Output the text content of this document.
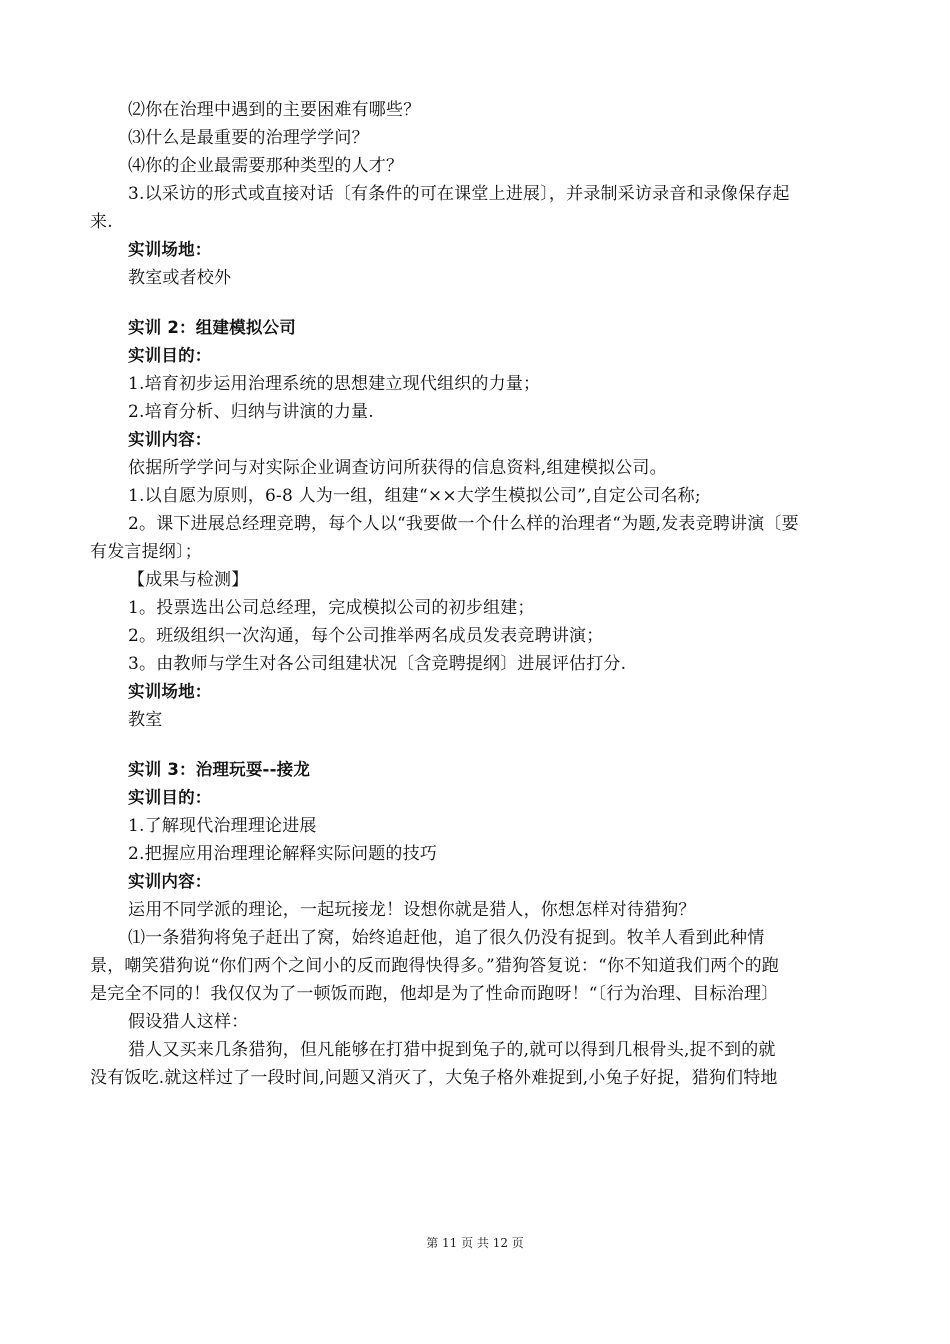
⑵你在治理中遇到的主要困难有哪些？
⑶什么是最重要的治理学学问？
⑷你的企业最需要那种类型的人才？
3.以采访的形式或直接对话〔有条件的可在课堂上进展〕，并录制采访录音和录像保存起
来.
实训场地：
教室或者校外
实训 2：组建模拟公司
实训目的：
1.培育初步运用治理系统的思想建立现代组织的力量；
2.培育分析、归纳与讲演的力量.
实训内容：
依据所学学问与对实际企业调查访问所获得的信息资料,组建模拟公司。
1.以自愿为原则，6-8 人为一组，组建“××大学生模拟公司”,自定公司名称;
2。课下进展总经理竞聘，每个人以“我要做一个什么样的治理者“为题,发表竞聘讲演〔要
有发言提纲〕；
【成果与检测】
1。投票选出公司总经理，完成模拟公司的初步组建；
2。班级组织一次沟通，每个公司推举两名成员发表竞聘讲演；
3。由教师与学生对各公司组建状况〔含竞聘提纲〕进展评估打分.
实训场地：
教室
实训 3：治理玩耍--接龙
实训目的：
1.了解现代治理理论进展
2.把握应用治理理论解释实际问题的技巧
实训内容：
运用不同学派的理论，一起玩接龙！设想你就是猎人，你想怎样对待猎狗？
⑴一条猎狗将兔子赶出了窝，始终追赶他，追了很久仍没有捉到。牧羊人看到此种情
景，嘲笑猎狗说“你们两个之间小的反而跑得快得多。”猎狗答复说：“你不知道我们两个的跑
是完全不同的！我仅仅为了一顿饭而跑，他却是为了性命而跑呀！“〔行为治理、目标治理〕
假设猎人这样：
猎人又买来几条猎狗，但凡能够在打猎中捉到兔子的,就可以得到几根骨头,捉不到的就
没有饭吃.就这样过了一段时间,问题又消灭了，大兔子格外难捉到,小兔子好捉，猎狗们特地
第 11 页 共 12 页
